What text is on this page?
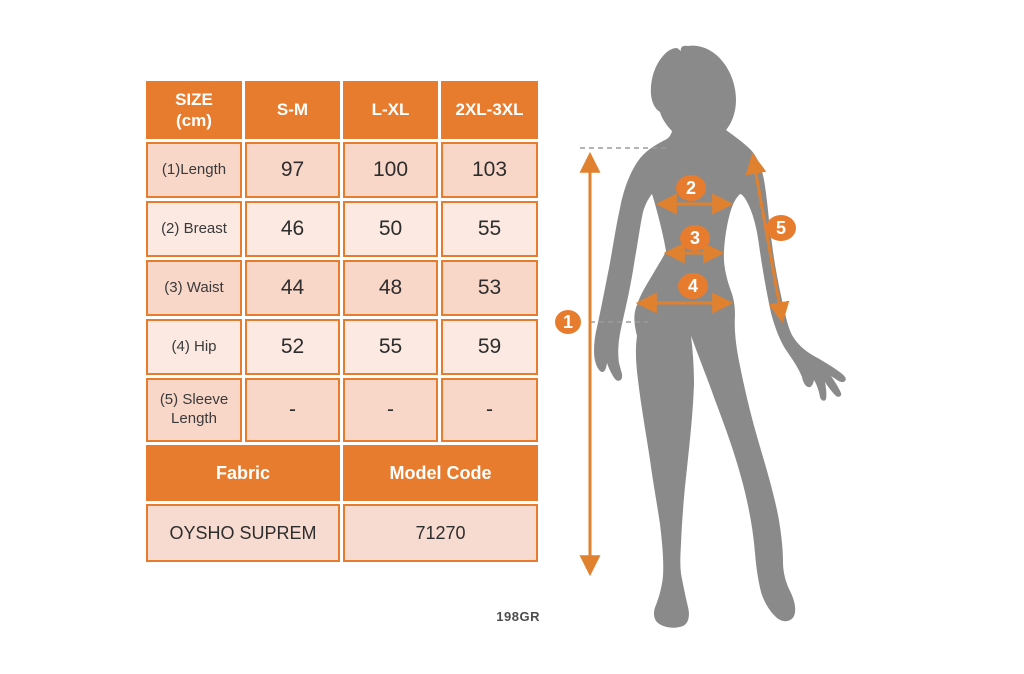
SIZE
(cm)	S-M	L-XL	2XL-3XL
(1)Length	97	100	103
(2) Breast	46	50	55
(3) Waist	44	48	53
(4) Hip	52	55	59
(5) Sleeve Length	-	-	-
Fabric		Model Code	
OYSHO SUPREM		71270	
198GR
1
2
3
4
5
